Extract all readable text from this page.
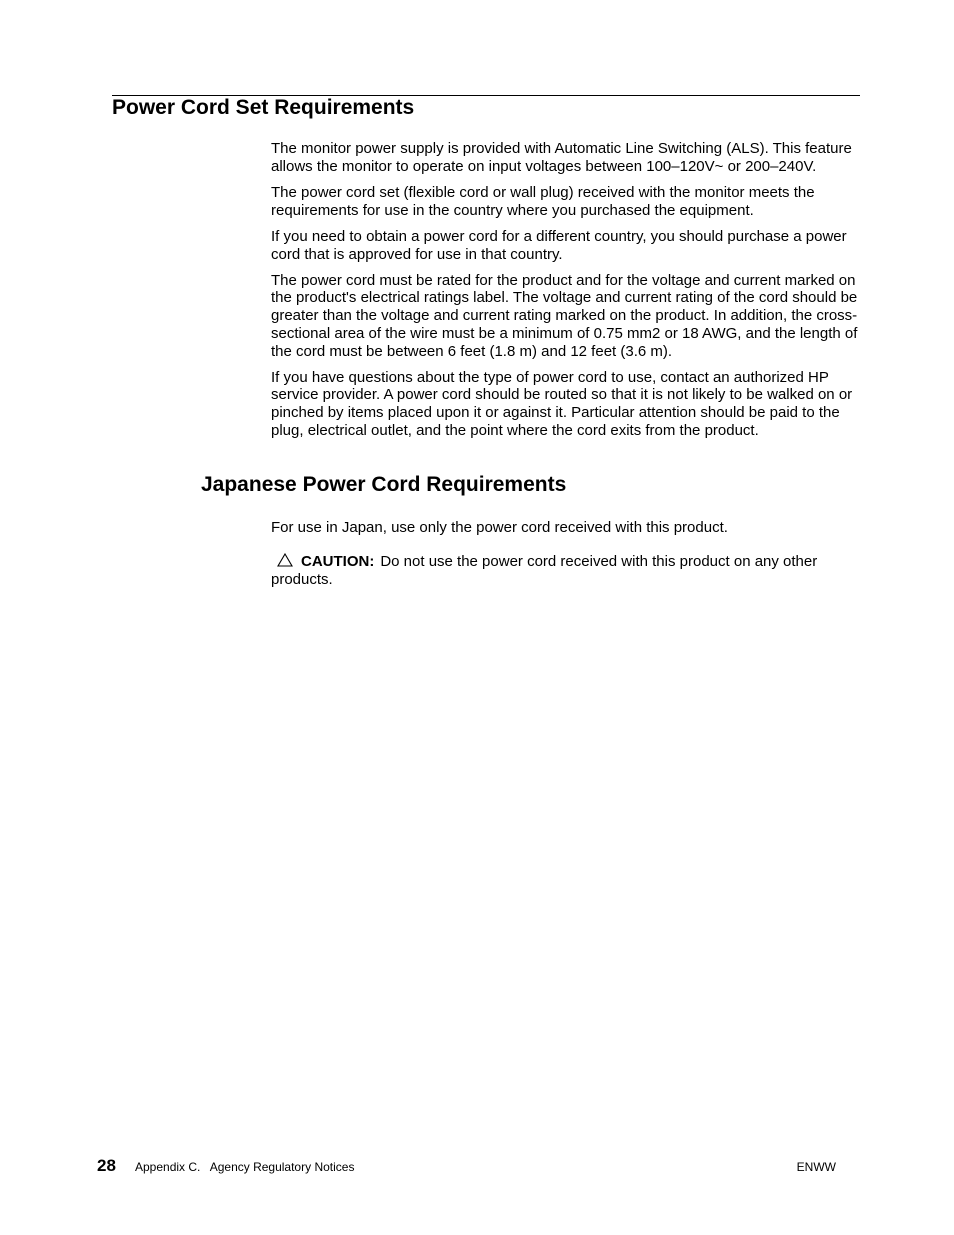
Power Cord Set Requirements

The monitor power supply is provided with Automatic Line Switching (ALS). This feature allows the monitor to operate on input voltages between 100–120V~ or 200–240V.

The power cord set (flexible cord or wall plug) received with the monitor meets the requirements for use in the country where you purchased the equipment.

If you need to obtain a power cord for a different country, you should purchase a power cord that is approved for use in that country.

The power cord must be rated for the product and for the voltage and current marked on the product's electrical ratings label. The voltage and current rating of the cord should be greater than the voltage and current rating marked on the product. In addition, the cross-sectional area of the wire must be a minimum of 0.75 mm2 or 18 AWG, and the length of the cord must be between 6 feet (1.8 m) and 12 feet (3.6 m).

If you have questions about the type of power cord to use, contact an authorized HP service provider. A power cord should be routed so that it is not likely to be walked on or pinched by items placed upon it or against it. Particular attention should be paid to the plug, electrical outlet, and the point where the cord exits from the product.

Japanese Power Cord Requirements

For use in Japan, use only the power cord received with this product.

CAUTION: Do not use the power cord received with this product on any other products.

28 Appendix C.   Agency Regulatory Notices	ENWW
